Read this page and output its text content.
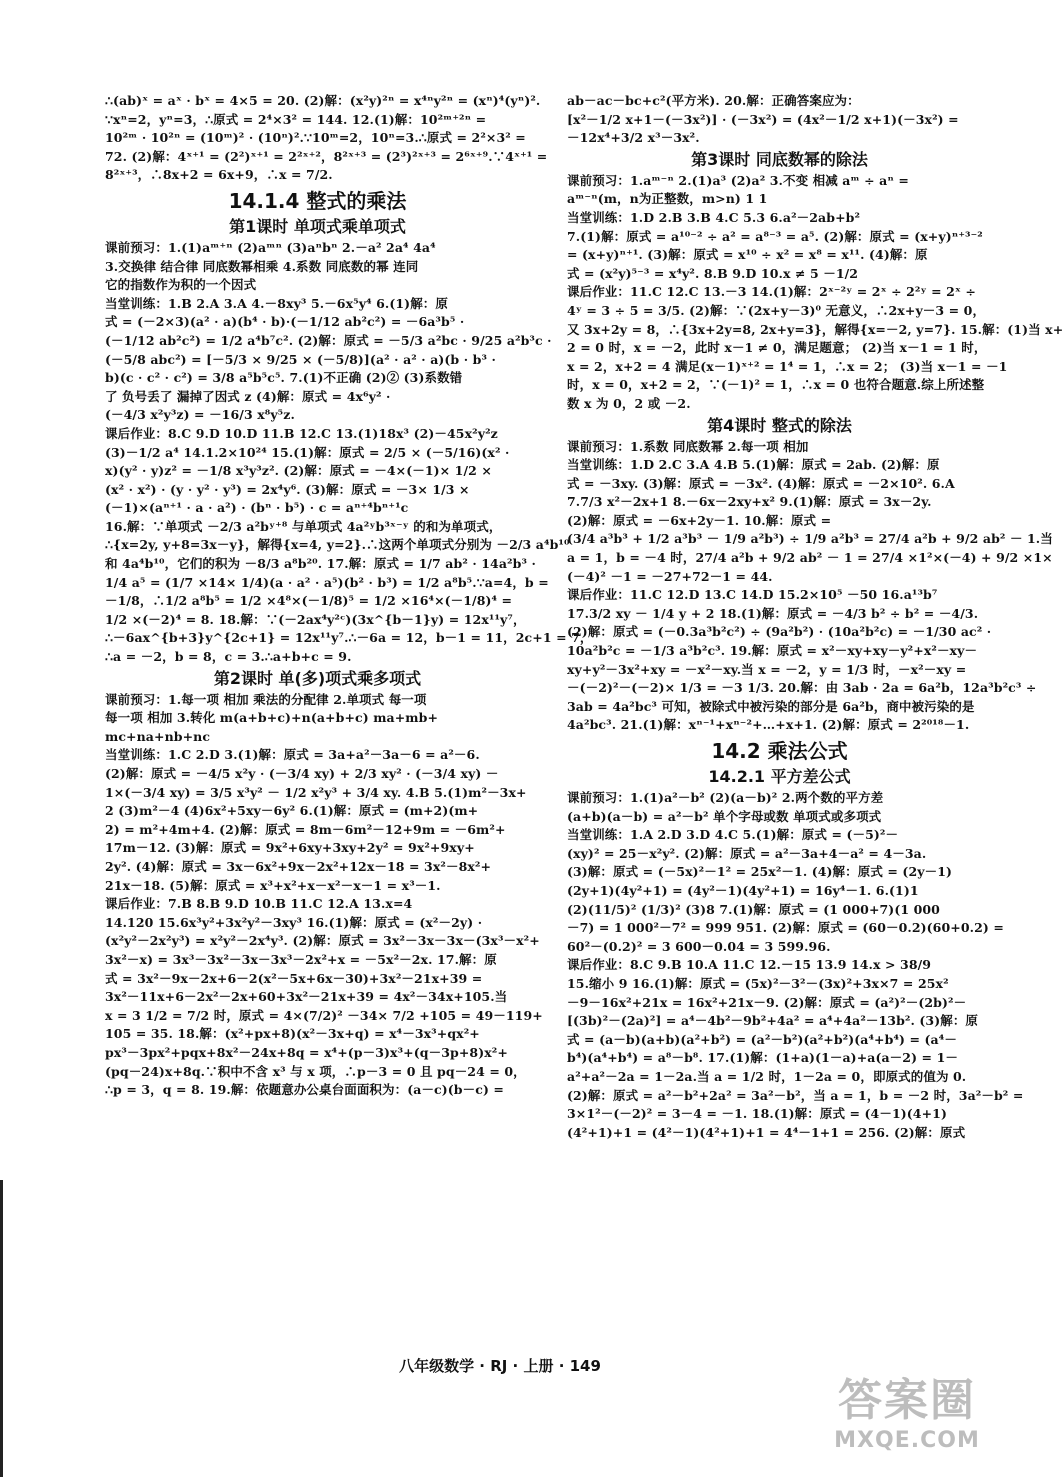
∴(ab)ˣ = aˣ · bˣ = 4×5 = 20. (2)解：(x²y)²ⁿ = x⁴ⁿy²ⁿ = (xⁿ)⁴(yⁿ)².
∵xⁿ=2，yⁿ=3，∴原式 = 2⁴×3² = 144. 12.(1)解：10²ᵐ⁺²ⁿ =
10²ᵐ · 10²ⁿ = (10ᵐ)² · (10ⁿ)².∵10ᵐ=2，10ⁿ=3.∴原式 = 2²×3² =
72. (2)解：4ˣ⁺¹ = (2²)ˣ⁺¹ = 2²ˣ⁺²，8²ˣ⁺³ = (2³)²ˣ⁺³ = 2⁶ˣ⁺⁹.∵4ˣ⁺¹ =
8²ˣ⁺³，∴8x+2 = 6x+9，∴x = 7/2.
14.1.4 整式的乘法
第1课时 单项式乘单项式
课前预习：1.(1)aᵐ⁺ⁿ (2)aᵐⁿ (3)aⁿbⁿ 2.－a² 2a⁴ 4a⁴
3.交换律 结合律 同底数幂相乘 4.系数 同底数的幂 连同
它的指数作为积的一个因式
当堂训练：1.B 2.A 3.A 4.－8xy³ 5.－6x⁵y⁴ 6.(1)解：原
式 = (－2×3)(a² · a)(b⁴ · b)·(－1/12 ab²c²) = －6a³b⁵ ·
(－1/12 ab²c²) = 1/2 a⁴b⁷c². (2)解：原式 = －5/3 a²bc · 9/25 a²b³c ·
(－5/8 abc²) = [－5/3 × 9/25 × (－5/8)](a² · a² · a)(b · b³ ·
b)(c · c² · c²) = 3/8 a⁵b⁵c⁵. 7.(1)不正确 (2)② (3)系数错
了 负号丢了 漏掉了因式 z (4)解：原式 = 4x⁶y² ·
(－4/3 x²y³z) = －16/3 x⁸y⁵z.
课后作业：8.C 9.D 10.D 11.B 12.C 13.(1)18x³ (2)－45x²y²z
(3)－1/2 a⁴ 14.1.2×10²⁴ 15.(1)解：原式 = 2/5 × (－5/16)(x² ·
x)(y² · y)z² = －1/8 x³y³z². (2)解：原式 = －4×(－1)× 1/2 ×
(x² · x²) · (y · y² · y³) = 2x⁴y⁶. (3)解：原式 = －3× 1/3 ×
(－1)×(aⁿ⁺¹ · a · a²) · (bⁿ · b⁵) · c = aⁿ⁺⁴bⁿ⁺¹c
16.解：∵单项式 －2/3 a²bʸ⁺⁸ 与单项式 4a²ʸb³ˣ⁻ʸ 的和为单项式，
∴{x=2y, y+8=3x－y}，解得{x=4, y=2}.∴这两个单项式分别为 －2/3 a⁴b¹⁰
和 4a⁴b¹⁰，它们的积为 －8/3 a⁸b²⁰. 17.解：原式 = 1/7 ab² · 14a²b³ ·
1/4 a⁵ = (1/7 ×14× 1/4)(a · a² · a⁵)(b² · b³) = 1/2 a⁸b⁵.∵a=4，b =
－1/8，∴1/2 a⁸b⁵ = 1/2 ×4⁸×(－1/8)⁵ = 1/2 ×16⁴×(－1/8)⁴ =
1/2 ×(－2)⁴ = 8. 18.解：∵(－2ax⁴y²ᶜ)(3x^{b－1}y) = 12x¹¹y⁷，
∴－6ax^{b+3}y^{2c+1} = 12x¹¹y⁷.∴－6a = 12，b－1 = 11，2c+1 = 7，
∴a = －2，b = 8，c = 3.∴a+b+c = 9.
第2课时 单(多)项式乘多项式
课前预习：1.每一项 相加 乘法的分配律 2.单项式 每一项
每一项 相加 3.转化 m(a+b+c)+n(a+b+c) ma+mb+
mc+na+nb+nc
当堂训练：1.C 2.D 3.(1)解：原式 = 3a+a²－3a－6 = a²－6.
(2)解：原式 = －4/5 x²y · (－3/4 xy) + 2/3 xy² · (－3/4 xy) －
1×(－3/4 xy) = 3/5 x³y² － 1/2 x²y³ + 3/4 xy. 4.B 5.(1)m²－3x+
2 (3)m²－4 (4)6x²+5xy－6y² 6.(1)解：原式 = (m+2)(m+
2) = m²+4m+4. (2)解：原式 = 8m－6m²－12+9m = －6m²+
17m－12. (3)解：原式 = 9x²+6xy+3xy+2y² = 9x²+9xy+
2y². (4)解：原式 = 3x－6x²+9x－2x²+12x－18 = 3x²－8x²+
21x－18. (5)解：原式 = x³+x²+x－x²－x－1 = x³－1.
课后作业：7.B 8.B 9.D 10.B 11.C 12.A 13.x=4
14.120 15.6x³y²+3x²y²－3xy³ 16.(1)解：原式 = (x²－2y) ·
(x²y²－2x²y³) = x²y²－2x⁴y³. (2)解：原式 = 3x²－3x－3x－(3x³－x²+
3x²－x) = 3x³－3x²－3x－3x³－2x²+x = －5x²－2x. 17.解：原
式 = 3x²－9x－2x+6－2(x²－5x+6x－30)+3x²－21x+39 =
3x²－11x+6－2x²－2x+60+3x²－21x+39 = 4x²－34x+105.当
x = 3 1/2 = 7/2 时，原式 = 4×(7/2)² －34× 7/2 +105 = 49－119+
105 = 35. 18.解：(x²+px+8)(x²－3x+q) = x⁴－3x³+qx²+
px³－3px²+pqx+8x²－24x+8q = x⁴+(p－3)x³+(q－3p+8)x²+
(pq－24)x+8q.∵积中不含 x³ 与 x 项，∴p－3 = 0 且 pq－24 = 0，
∴p = 3，q = 8. 19.解：依题意办公桌台面面积为：(a－c)(b－c) =
ab－ac－bc+c²(平方米). 20.解：正确答案应为：
[x²－1/2 x+1－(－3x²)] · (－3x²) = (4x²－1/2 x+1)(－3x²) =
－12x⁴+3/2 x³－3x².
第3课时 同底数幂的除法
课前预习：1.aᵐ⁻ⁿ 2.(1)a³ (2)a² 3.不变 相减 aᵐ ÷ aⁿ =
aᵐ⁻ⁿ(m，n为正整数，m>n) 1 1
当堂训练：1.D 2.B 3.B 4.C 5.3 6.a²－2ab+b²
7.(1)解：原式 = a¹⁰⁻² ÷ a² = a⁸⁻³ = a⁵. (2)解：原式 = (x+y)ⁿ⁺³⁻²
= (x+y)ⁿ⁺¹. (3)解：原式 = x¹⁰ ÷ x² = x⁸ = x¹¹. (4)解：原
式 = (x²y)⁵⁻³ = x⁴y². 8.B 9.D 10.x ≠ 5 －1/2
课后作业：11.C 12.C 13.－3 14.(1)解：2ˣ⁻²ʸ = 2ˣ ÷ 2²ʸ = 2ˣ ÷
4ʸ = 3 ÷ 5 = 3/5. (2)解：∵(2x+y－3)⁰ 无意义，∴2x+y－3 = 0，
又 3x+2y = 8，∴{3x+2y=8, 2x+y=3}，解得{x=－2, y=7}. 15.解：(1)当 x+
2 = 0 时，x = －2，此时 x－1 ≠ 0，满足题意； (2)当 x－1 = 1 时，
x = 2，x+2 = 4 满足(x－1)ˣ⁺² = 1⁴ = 1，∴x = 2； (3)当 x－1 = －1
时，x = 0，x+2 = 2，∵(－1)² = 1，∴x = 0 也符合题意.综上所述整
数 x 为 0，2 或 －2.
第4课时 整式的除法
课前预习：1.系数 同底数幂 2.每一项 相加
当堂训练：1.D 2.C 3.A 4.B 5.(1)解：原式 = 2ab. (2)解：原
式 = －3xy. (3)解：原式 = －3x². (4)解：原式 = －2×10². 6.A
7.7/3 x²－2x+1 8.－6x－2xy+x² 9.(1)解：原式 = 3x－2y.
(2)解：原式 = －6x+2y－1. 10.解：原式 =
(3/4 a³b³ + 1/2 a³b³ － 1/9 a²b³) ÷ 1/9 a²b³ = 27/4 a²b + 9/2 ab² － 1.当
a = 1，b = －4 时，27/4 a²b + 9/2 ab² － 1 = 27/4 ×1²×(－4) + 9/2 ×1×
(－4)² －1 = －27+72－1 = 44.
课后作业：11.C 12.D 13.C 14.D 15.2×10⁵ －50 16.a¹³b⁷
17.3/2 xy － 1/4 y + 2 18.(1)解：原式 = －4/3 b² ÷ b² = －4/3.
(2)解：原式 = (－0.3a³b²c²) ÷ (9a²b²) · (10a²b²c) = －1/30 ac² ·
10a²b²c = －1/3 a³b²c³. 19.解：原式 = x²－xy+xy－y²+x²－xy－
xy+y²－3x²+xy = －x²－xy.当 x = －2，y = 1/3 时，－x²－xy =
－(－2)²－(－2)× 1/3 = －3 1/3. 20.解：由 3ab · 2a = 6a²b，12a³b²c³ ÷
3ab = 4a²bc³ 可知，被除式中被污染的部分是 6a²b，商中被污染的是
4a²bc³. 21.(1)解：xⁿ⁻¹+xⁿ⁻²+…+x+1. (2)解：原式 = 2²⁰¹⁸－1.
14.2 乘法公式
14.2.1 平方差公式
课前预习：1.(1)a²－b² (2)(a－b)² 2.两个数的平方差
(a+b)(a－b) = a²－b² 单个字母或数 单项式或多项式
当堂训练：1.A 2.D 3.D 4.C 5.(1)解：原式 = (－5)²－
(xy)² = 25－x²y². (2)解：原式 = a²－3a+4－a² = 4－3a.
(3)解：原式 = (－5x)²－1² = 25x²－1. (4)解：原式 = (2y－1)
(2y+1)(4y²+1) = (4y²－1)(4y²+1) = 16y⁴－1. 6.(1)1
(2)(11/5)² (1/3)² (3)8 7.(1)解：原式 = (1 000+7)(1 000
－7) = 1 000²－7² = 999 951. (2)解：原式 = (60－0.2)(60+0.2) =
60²－(0.2)² = 3 600－0.04 = 3 599.96.
课后作业：8.C 9.B 10.A 11.C 12.－15 13.9 14.x > 38/9
15.缩小 9 16.(1)解：原式 = (5x)²－3²－(3x)²+3x×7 = 25x²
－9－16x²+21x = 16x²+21x－9. (2)解：原式 = (a²)²－(2b)²－
[(3b)²－(2a)²] = a⁴－4b²－9b²+4a² = a⁴+4a²－13b². (3)解：原
式 = (a－b)(a+b)(a²+b²) = (a²－b²)(a²+b²)(a⁴+b⁴) = (a⁴－
b⁴)(a⁴+b⁴) = a⁸－b⁸. 17.(1)解：(1+a)(1－a)+a(a－2) = 1－
a²+a²－2a = 1－2a.当 a = 1/2 时，1－2a = 0，即原式的值为 0.
(2)解：原式 = a²－b²+2a² = 3a²－b²，当 a = 1，b = －2 时，3a²－b² =
3×1²－(－2)² = 3－4 = －1. 18.(1)解：原式 = (4－1)(4+1)
(4²+1)+1 = (4²－1)(4²+1)+1 = 4⁴－1+1 = 256. (2)解：原式
八年级数学 · RJ · 上册 · 149
答案圈
MXQE.COM
